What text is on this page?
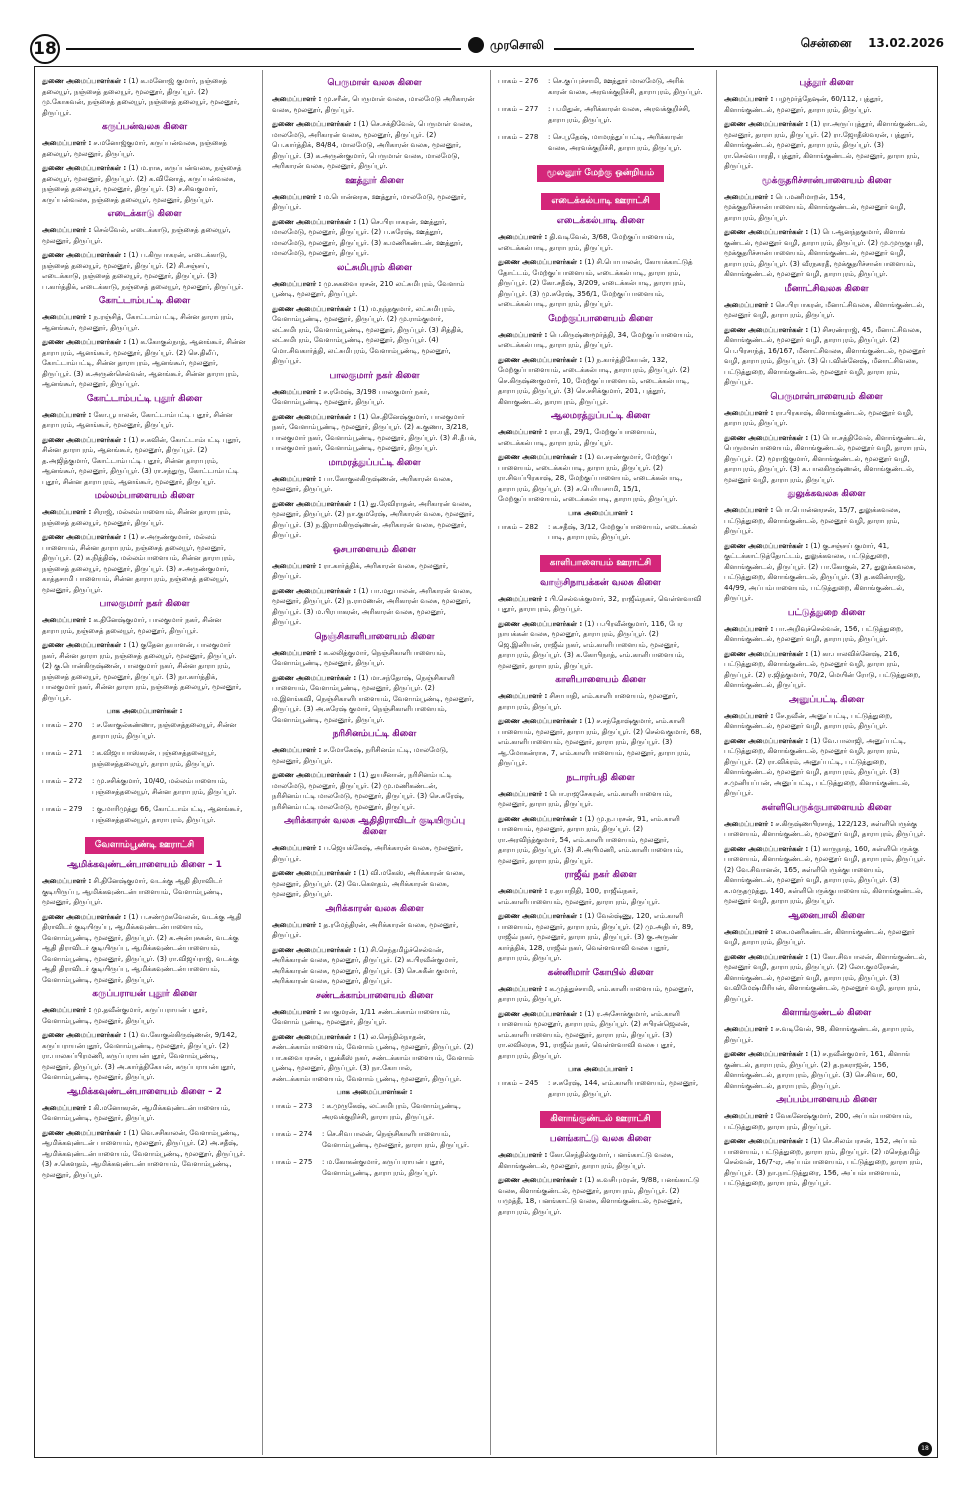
18	முரசொலி	சென்னை 13.02.2026
துணை அமைப்பாளர்கள் : (1) க.மனோஜ் குமார், நஞ்சைத் தலையூர், நஞ்சைத் தலையூர், மூலனூர், திருப்பூர். (2) மு.கோசுவன், நஞ்சைத் தலையூர், நஞ்சைத் தலையூர், மூலனூர், திருப்பூர்.
கருப்பன்வலசு கிளை
அமைப்பாளர் : ச.மனோஜ்குமார், கருப்பன்வலசு, நஞ்சைத் தலையூர், மூலனூர், திருப்பூர்.
துணை அமைப்பாளர்கள் : (1) ம.ராசு, கருப்பன்வலசு, நஞ்சைத் தலையூர், மூலனூர், திருப்பூர். (2) க.வினோத், கருப்பன்வலசு, நஞ்சைத் தலையூர், மூலனூர், திருப்பூர். (3) ச.சிவகுமார், கருப்பன்வலசு, நஞ்சைத் தலையூர், மூலனூர், திருப்பூர்.
எடைக்காடு கிளை
அமைப்பாளர் : செல்வேல், எடைக்காடு, நஞ்சைத் தலையூர், மூலனூர், திருப்பூர்.
துணை அமைப்பாளர்கள் : (1) ப.கிருபாகரன், எடைக்காடு, நஞ்சைத் தலையூர், மூலனூர், திருப்பூர். (2) சி.சஞ்சய், எடைக்காடு, நஞ்சைத் தலையூர், மூலனூர், திருப்பூர். (3) ப.கார்த்திக், எடைக்காடு, நஞ்சைத் தலையூர், மூலனூர், திருப்பூர்.
கோட்டாம்பட்டி கிளை
அமைப்பாளர் : ந.ரஞ்சித், கோட்டாம்பட்டி, சின்ன தாராபுரம், ஆனங்கூர், மூலனூர், திருப்பூர்.
துணை அமைப்பாளர்கள் : (1) க.கோகுல்நாத், ஆனங்கூர், சின்ன தாராபுரம், ஆனங்கூர், மூலனூர், திருப்பூர். (2) செ.திலீப், கோட்டாம்பட்டி, சின்ன தாராபுரம், ஆனங்கூர், மூலனூர், திருப்பூர். (3) க.அருண்செல்வன், ஆனங்கூர், சின்ன தாராபுரம், ஆனங்கூர், மூலனூர், திருப்பூர்.
கோட்டாம்பட்டி புதூர் கிளை
அமைப்பாளர் : கோ.பூபாலன், கோட்டாம்பட்டி புதூர், சின்ன தாராபுரம், ஆனங்கூர், மூலனூர், திருப்பூர்.
துணை அமைப்பாளர்கள் : (1) ச.கவின், கோட்டாம்பட்டி புதூர், சின்ன தாராபுரம், ஆனங்கூர், மூலனூர், திருப்பூர். (2) த.அஜித்குமார், கோட்டாம்பட்டி புதூர், சின்ன தாராபுரம், ஆனங்கூர், மூலனூர், திருப்பூர். (3) ரா.சந்துரு, கோட்டாம்பட்டி புதூர், சின்ன தாராபுரம், ஆனங்கூர், மூலனூர், திருப்பூர்.
மல்லம்பாளையம் கிளை
அமைப்பாளர் : சிராஜ், மல்லம்பாளையம், சின்ன தாராபுரம், நஞ்சைத் தலையூர், மூலனூர், திருப்பூர்.
துணை அமைப்பாளர்கள் : (1) ச.அருண்குமார், மல்லம் பாளையம், சின்ன தாராபுரம், நஞ்சைத் தலையூர், மூலனூர், திருப்பூர். (2) க.நித்திஷ், மல்லம்பாளையம், சின்ன தாராபுரம், நஞ்சைத் தலையூர், மூலனூர், திருப்பூர். (3) ச.அருண்குமார், காத்தசாமி பாளையம், சின்ன தாராபுரம், நஞ்சைத் தலையூர், மூலனூர், திருப்பூர்.
பாலகுமார் நகர் கிளை
அமைப்பாளர் : க.தினேஷ்குமார், பாலகுமார் நகர், சின்ன தாராபுரம், நஞ்சைத் தலையூர், மூலனூர், திருப்பூர்.
துணை அமைப்பாளர்கள் : (1) குதேன தயாளன், பாலகுமார் நகர், சின்ன தாராபுரம், நஞ்சைத் தலையூர், மூலனூர், திருப்பூர். (2) கு.பொன்கிருஷ்ணன், பாலகுமார் நகர், சின்ன தாராபுரம், நஞ்சைத் தலையூர், மூலனூர், திருப்பூர். (3) நா.கார்த்திக், பாலகுமார் நகர், சின்ன தாராபுரம், நஞ்சைத் தலையூர், மூலனூர், திருப்பூர்.
பாக அமைப்பாளர்கள் :
பாகம் – 270	: ச.கோகுல்கண்ணா, நஞ்சைத்தலையூர், சின்ன தாராபுரம், திருப்பூர்.
பாகம் – 271	: க.விஜயபாஸ்கரன், புஞ்சைத்தலையூர், நஞ்சைத்தலையூர், தாராபுரம், திருப்பூர்.
பாகம் – 272	: மு.சசிக்குமார், 10/40, மல்லம்பாளையம், புஞ்சைத்தலையூர், சின்ன தாராபுரம், திருப்பூர்.
பாகம் – 279	: கு.மாரிமுத்து 66, கோட்டாம்பட்டி, ஆனங்கூர், புஞ்சைத்தலையூர், தாராபுரம், திருப்பூர்.
வேளாம்பூண்டி ஊராட்சி
ஆமிக்கவுண்டன்பாளையம் கிளை – 1
அமைப்பாளர் : சி.தினேஷ்குமார், வடக்கு ஆதி திராவிடர் குடியிருப்பு, ஆமிக்கவுண்டன்பாளையம், வேளாம்பூண்டி, மூலனூர், திருப்பூர்.
துணை அமைப்பாளர்கள் : (1) ப.சண்முகவேலன், வடக்கு ஆதி திராவிடர் குடியிருப்பு, ஆமிக்கவுண்டன்பாளையம், வேளாம்பூண்டி, மூலனூர், திருப்பூர். (2) க.அன்புசுகன், வடக்கு ஆதி திராவிடர் குடியிருப்பு, ஆமிக்கவுண்டன்பாளையம், வேளாம்பூண்டி, மூலனூர், திருப்பூர். (3) ரா.விஜய்ராஜ், வடக்கு ஆதி திராவிடர் குடியிருப்பு, ஆமிக்கவுண்டன்பாளையம், வேளாம்பூண்டி, மூலனூர், திருப்பூர்.
கருப்பராயன் புதூர் கிளை
அமைப்பாளர் : மு.தவீன்குமார், கருப்பராயன் புதூர், வேளாம்பூண்டி, மூலனூர், திருப்பூர்.
துணை அமைப்பாளர்கள் : (1) வ.கோகுல்கிருஷ்ணன், 9/142, கருப்பராயன்புதூர், வேளாம்பூண்டி, மூலனூர், திருப்பூர். (2) ரா.பாலசுப்பிரமணி, கருப்பராயன்புதூர், வேளாம்பூண்டி, மூலனூர், திருப்பூர். (3) அ.கார்த்திகேயன், கருப்பராயன்புதூர், வேளாம்பூண்டி, மூலனூர், திருப்பூர்.
ஆமிக்கவுண்டன்பாளையம் கிளை – 2
அமைப்பாளர் : கி.மனோகரன், ஆமிக்கவுண்டன்பாளையம், வேளாம்பூண்டி, மூலனூர், திருப்பூர்.
துணை அமைப்பாளர்கள் : (1) வெ.சசிகாலன், வேளாம்பூண்டி, ஆமிக்கவுண்டன் பாளையம், மூலனூர், திருப்பூர். (2) அ.சதீஷ், ஆமிக்கவுண்டன்பாளையம், வேளாம்பூண்டி, மூலனூர், திருப்பூர். (3) ச.கௌதம், ஆமிக்கவுண்டன்பாளையம், வேளாம்பூண்டி, மூலனூர், திருப்பூர்.
பெருமாள் வலசு கிளை
அமைப்பாளர் : மு.சரீன், பெருமாள் வலசு, மாலமேடு அரிகாரன் வலசு, மூலனூர், திருப்பூர்.
துணை அமைப்பாளர்கள் : (1) செ.சக்திவேல், பெருமாள் வலசு, மாலமேடு, அரிகாரன் வலசு, மூலனூர், திருப்பூர். (2) பெ.கார்த்திக், 84/84, மாலமேடு, அரிகாரன் வலசு, மூலனூர், திருப்பூர். (3) க.அருண்குமார், பெருமாள் வலசு, மாலமேடு, அரிகாரன் வலசு, மூலனூர், திருப்பூர்.
ஊத்தூர் கிளை
அமைப்பாளர் : ம.பொன்னரசு, ஊத்தூர், மாலமேடு, மூலனூர், திருப்பூர்.
துணை அமைப்பாளர்கள் : (1) செ.பிரபாகரன், ஊத்தூர், மாலமேடு, மூலனூர், திருப்பூர். (2) ப.சுரேஷ், ஊத்தூர், மாலமேடு, மூலனூர், திருப்பூர். (3) க.மணிகண்டன், ஊத்தூர், மாலமேடு, மூலனூர், திருப்பூர்.
லட்சுமிபுரம் கிளை
அமைப்பாளர் : மு.சுகவைபரசன், 210 லட்சுமிபுரம், வேளாம் பூண்டி, மூலனூர், திருப்பூர்.
துணை அமைப்பாளர்கள் : (1) ம.நந்தகுமார், லட்சுமிபுரம், வேளாம்பூண்டி, மூலனூர், திருப்பூர். (2) மு.ராம்குமார், லட்சுமிபுரம், வேளாம்பூண்டி, மூலனூர், திருப்பூர். (3) சித்திக், லட்சுமிபுரம், வேளாம்பூண்டி, மூலனூர், திருப்பூர். (4) மொ.சிவகார்த்தி, லட்சுமிபுரம், வேளாம்பூண்டி, மூலனூர், திருப்பூர்.
பாலகுமார் நகர் கிளை
அமைப்பாளர் : ச.ரமேஷ், 3/198 பாலகுமார் நகர், வேளாம்பூண்டி, மூலனூர், திருப்பூர்.
துணை அமைப்பாளர்கள் : (1) செ.தினேஷ்குமார், பாலகுமார் நகர், வேளாம்பூண்டி, மூலனூர், திருப்பூர். (2) க.குணா, 3/218, பாலகுமார் நகர், வேளாம்பூண்டி, மூலனூர், திருப்பூர். (3) சி.தீபக், பாலகுமார் நகர், வேளாம்பூண்டி, மூலனூர், திருப்பூர்.
மாமரத்துப்பட்டி கிளை
அமைப்பாளர் : பா.கோகுலகிருஷ்ணன், அரிகாரன் வலசு, மூலனூர், திருப்பூர்.
துணை அமைப்பாளர்கள் : (1) து.ரேவிராதன், அரிகாரன் வலசு, மூலனூர், திருப்பூர். (2) நா.குமரேஷ், அரிகாரன் வலசு, மூலனூர், திருப்பூர். (3) ந.இராமகிருஷ்ணன், அரிகாரன் வலசு, மூலனூர், திருப்பூர்.
ஒசபாளையம் கிளை
அமைப்பாளர் : ரா.கார்த்திக், அரிகாரன் வலசு, மூலனூர், திருப்பூர்.
துணை அமைப்பாளர்கள் : (1) பா.மதுபாலன், அரிகாரன் வலசு, மூலனூர், திருப்பூர். (2) ந.ராமணன், அரிகாரன் வலசு, மூலனூர், திருப்பூர். (3) ம.பிரபாகரன், அரிகாரன் வலசு, மூலனூர், திருப்பூர்.
நெஞ்சிகாளிபாளையம் கிளை
அமைப்பாளர் : க.லலித்குமார், நெஞ்சிகாளிபாளையம், வேளாம்பூண்டி, மூலனூர், திருப்பூர்.
துணை அமைப்பாளர்கள் : (1) மா.சந்தோஷ், நெஞ்சிகாளி பாளையம், வேளாம்பூண்டி, மூலனூர், திருப்பூர். (2) ம.இளங்கவி, நெஞ்சிகாளிபாளையம், வேளாம்பூண்டி, மூலனூர், திருப்பூர். (3) அ.சுரேஷ் குமார், நெஞ்சிகாளிபாளையம், வேளாம்பூண்டி, மூலனூர், திருப்பூர்.
நரிசினம்பட்டி கிளை
அமைப்பாளர் : ச.மோகேஷ், நரிசினம்பட்டி, மாலமேடு, மூலனூர், திருப்பூர்.
துணை அமைப்பாளர்கள் : (1) துயசீனான், நரிசினம்பட்டி மாலமேடு, மூலனூர், திருப்பூர். (2) மு.மணிகண்டன், நரிசினம்பட்டி மாலமேடு, மூலனூர், திருப்பூர். (3) செ.சுரேஷ், நரிசினம்பட்டி மாலமேடு, மூலனூர், திருப்பூர்.
அரிக்காரன் வலசு ஆதிதிராவிடர் குடியிருப்பு கிளை
அமைப்பாளர் : ப.ஜெயக்கேஷ், அரிக்காரன் வலசு, மூலனூர், திருப்பூர்.
துணை அமைப்பாளர்கள் : (1) வி.மகேஸ், அரிக்காரன் வலசு, மூலனூர், திருப்பூர். (2) வே.கௌதம், அரிக்காரன் வலசு, மூலனூர், திருப்பூர்.
அரிக்காரன் வலசு கிளை
அமைப்பாளர் : த.ரமேந்திரன், அரிக்காரன் வலசு, மூலனூர், திருப்பூர்.
துணை அமைப்பாளர்கள் : (1) சி.செந்தமிழ்ச்செல்வன், அரிக்காரன் வலசு, மூலனூர், திருப்பூர். (2) க.பிரவீன்குமார், அரிக்காரன் வலசு, மூலனூர், திருப்பூர். (3) செ.சுகீன் குமார், அரிக்காரன் வலசு, மூலனூர், திருப்பூர்.
சண்டக்காம்பாளையம் கிளை
அமைப்பாளர் : சுபகுமரன், 1/11 சண்டக்காம்பாளையம், வேளாம் பூண்டி, மூலனூர், திருப்பூர்.
துணை அமைப்பாளர்கள் : (1) ல.செந்தில்நாதன், சண்டக்காம்பாளையம், வேளாம் பூண்டி, மூலனூர், திருப்பூர். (2) பா.சுவைபரசன், புதுக்கீஸ் நகர், சண்டக்காம்பாளையம், வேளாம் பூண்டி, மூலனூர், திருப்பூர். (3) நா.கோபால், சண்டக்காம்பாளையம், வேளாம் பூண்டி, மூலனூர், திருப்பூர்.
பாக அமைப்பாளர்கள் :
பாகம் – 273	: க.முருகேஷ், லட்சுமிபுரம், வேளாம்பூண்டி, அரவக்குறிச்சி, தாராபுரம், திருப்பூர்.
பாகம் – 274	: செ.சிவபாலன், நெஞ்சிகாளிபாளையம், வேளாம்பூண்டி, மூலனூர், தாராபுரம், திருப்பூர்.
பாகம் – 275	: ம.கோகன்குமார், கருப்பராயன் புதூர், வேளாம்பூண்டி, தாராபுரம், திருப்பூர்.
பாகம் – 276	: செ.குப்புச்சாமி, ஊத்தூர் மாலமேடு, அரிக் காரன் வலசு, அரவக்குறிச்சி, தாராபுரம், திருப்பூர்.
பாகம் – 277	: ப.மிதுன், அரிக்காரன் வலசு, அரவக்குறிச்சி, தாராபுரம், திருப்பூர்.
பாகம் – 278	: செ.பூதேஷ், மாமரத்துப்பட்டி, அரிக்காரன் வலசு, அரவக்குறிச்சி, தாராபுரம், திருப்பூர்.
மூலனூர் மேற்கு ஒன்றியம்
எடைக்கல்பாடி ஊராட்சி
எடைக்கல்பாடி கிளை
அமைப்பாளர் : தி.வடிவேல், 3/68, மேற்குப்பாளையம், எடைக்கல்பாடி, தாராபுரம், திருப்பூர்.
துணை அமைப்பாளர்கள் : (1) சி.பொபாலன், கோயக்காட்டுத் தோட்டம், மேற்குப்பாளையம், எடைக்கல்பாடி, தாராபுரம், திருப்பூர். (2) கோ.சதீஷ், 3/209, எடைக்கல்பாடி, தாராபுரம், திருப்பூர். (3) மு.சுரேஷ், 356/1, மேற்குப்பாளையம், எடைக்கல்பாடி, தாராபுரம், திருப்பூர்.
மேற்குப்பாளையம் கிளை
அமைப்பாளர் : பெ.கிருஷ்ணமூர்த்தி, 34, மேற்குப்பாளையம், எடைக்கல்பாடி, தாராபுரம், திருப்பூர்.
துணை அமைப்பாளர்கள் : (1) ந.கார்த்திகேயன், 132, மேற்குப்பாளையம், எடைக்கல்பாடி, தாராபுரம், திருப்பூர். (2) செ.கிருஷ்ணகுமார், 10, மேற்குப்பாளையம், எடைக்கல்பாடி, தாராபுரம், திருப்பூர். (3) செ.சசிக்குமார், 201, புத்தூர், கிளாகுண்டல், தாராபுரம், திருப்பூர்.
ஆலமரத்துப்பட்டி கிளை
அமைப்பாளர் : ரா.யுதீ, 29/1, மேற்குப்பாளையம், எடைக்கல்பாடி, தாராபுரம், திருப்பூர்.
துணை அமைப்பாளர்கள் : (1) வ.சரண்குமார், மேற்குப் பாளையம், எடைக்கல்பாடி, தாராபுரம், திருப்பூர். (2) ரா.சிவப்பிரகாஷ், 28, மேற்குப்பாளையம், எடைக்கல்பாடி, தாராபுரம், திருப்பூர். (3) ச.பெரியசாமி, 15/1, மேற்குப்பாளையம், எடைக்கல்பாடி, தாராபுரம், திருப்பூர்.
பாக அமைப்பாளர் :
பாகம் – 282	: க.சதீஷ், 3/12, மேற்குப்பாளையம், எடைக்கல் பாடி, தாராபுரம், திருப்பூர்.
காளிபாளையம் ஊராட்சி
வாஞ்சிநாயக்கன் வலசு கிளை
அமைப்பாளர் : பி.செல்வக்குமார், 32, ராஜீவ்நகர், வெள்ளவாவி புதூர், தாராபுரம், திருப்பூர்.
துணை அமைப்பாளர்கள் : (1) ப.பிரவீன்குமார், 116, பேர நாயக்கன் வலசு, மூலனூர், தாராபுரம், திருப்பூர். (2) ஜெ.இனியன், ராஜீவ் நகர், எம்.காளிபாளையம், மூலனூர், தாராபுரம், திருப்பூர். (3) க.கோபிநாத், எம்.காளிபாளையம், மூலனூர், தாராபுரம், திருப்பூர்.
காளிபாளையம் கிளை
அமைப்பாளர் : சிசாபாதி, எம்.காளிபாளையம், மூலனூர், தாராபுரம், திருப்பூர்.
துணை அமைப்பாளர்கள் : (1) ச.சந்தோஷ்குமார், எம்.காளி பாளையம், மூலனூர், தாராபுரம், திருப்பூர். (2) செல்வகுமார், 68, எம்.காளிபாளையம், மூலனூர், தாராபுரம், திருப்பூர். (3) ஆ.மோகன்ராசு, 7, எம்.காளிபாளையம், மூலனூர், தாராபுரம், திருப்பூர்.
நடாரர்பதி கிளை
அமைப்பாளர் : பொ.ராஜசேகரன், எம்.காளிபாளையம், மூலனூர், தாராபுரம், திருப்பூர்.
துணை அமைப்பாளர்கள் : (1) மு.ந.பரசன், 91, எம்.காளி பாளையம், மூலனூர், தாராபுரம், திருப்பூர். (2) ரா.அரவிந்த்குமார், 54, எம்.காளிபாளையம், மூலனூர், தாராபுரம், திருப்பூர். (3) சி.அபிமணி, எம்.காளிபாளையம், மூலனூர், தாராபுரம், திருப்பூர்.
ராஜீவ் நகர் கிளை
அமைப்பாளர் : ர.தயாநிதி, 100, ராஜீவ்நகர், எம்.காளிபாளையம், மூலனூர், தாராபுரம், திருப்பூர்.
துணை அமைப்பாளர்கள் : (1) வேல்ஷ்ணு, 120, எம்.காளி பாளையம், மூலனூர், தாராபுரம், திருப்பூர். (2) மு.அதிபர், 89, ராஜீவ் நகர், மூலனூர், தாராபுரம், திருப்பூர். (3) கு.அருண் கார்த்திக், 128, ராஜீவ் நகர், வெள்ளவாவி வலசு புதூர், தாராபுரம், திருப்பூர்.
கன்னிமார் கோயில் கிளை
அமைப்பாளர் : க.முத்துச்சாமி, எம்.காளிபாளையம், மூலனூர், தாராபுரம், திருப்பூர்.
துணை அமைப்பாளர்கள் : (1) ர.அசோக்குமார், எம்.காளி பாளையம் மூலனூர், தாராபுரம், திருப்பூர். (2) சபிரன்ஜெலன், எம்.காளிபாளையம், மூலனூர், தாராபுரம், திருப்பூர். (3) ரா.லவிலரசு, 91, ராஜீவ் நகர், வெள்ளவாவி வலசு புதூர், தாராபுரம், திருப்பூர்.
பாக அமைப்பாளர் :
பாகம் – 245	: ச.சுரேஷ், 144, எம்.காளிபாளையம், மூலனூர், தாராபுரம், திருப்பூர்.
கிளாங்குண்டல் ஊராட்சி
பனங்காட்டு வலசு கிளை
அமைப்பாளர் : கோ.செந்தில்குமார், பனங்காட்டு வலசு, கிளாங்குண்டல், மூலனூர், தாராபுரம், திருப்பூர்.
துணை அமைப்பாளர்கள் : (1) க.வசிபுமரன், 9/88, பனங்காட்டு வலசு, கிளாங்குண்டல், மூலனூர், தாராபுரம், திருப்பூர். (2) யமுத்தீ, 18, பனங்காட்டு வலசு, கிளாங்குண்டல், மூலனூர், தாராபுரம், திருப்பூர்.
புத்தூர் கிளை
அமைப்பாளர் : பழமூர்த்தேஷன், 60/112, புத்தூர், கிளாங்குண்டல், மூலனூர், தாராபுரம், திருப்பூர்.
துணை அமைப்பாளர்கள் : (1) ரா.அருப்புத்தூர், கிளாங்குண்டல், மூலனூர், தாராபுரம், திருப்பூர். (2) ரா.ஜோதீஸ்வரன், புத்தூர், கிளாங்குண்டல், மூலனூர், தாராபுரம், திருப்பூர். (3) ரா.செல்வபாரதி, புத்தூர், கிளாங்குண்டல், மூலனூர், தாராபுரம், திருப்பூர்.
மூக்குதரிச்சான்பாளையம் கிளை
அமைப்பாளர் : பெ.மணிமாறன், 154, மூக்குதரிச்சான்பாளையம், கிளாங்குண்டல், மூலனூர் வழி, தாராபுரம், திருப்பூர்.
துணை அமைப்பாளர்கள் : (1) பெ.ஆனந்தகுமார், கிளாங் குண்டல், மூலனூர் வழி, தாராபுரம், திருப்பூர். (2) மு.முருகுபதி, மூக்குதரிச்சான்பாளையம், கிளாங்குண்டல், மூலனூர் வழி, தாராபுரம், திருப்பூர். (3) வீரநகரதீ, மூக்குதரிச்சான்பாளையம், கிளாங்குண்டல், மூலனூர் வழி, தாராபுரம், திருப்பூர்.
மீனாட்சிவலசு கிளை
அமைப்பாளர் : செ.பிரபாகரன், மீனாட்சிவலசு, கிளாங்குண்டல், மூலனூர் வழி, தாராபுரம், திருப்பூர்.
துணை அமைப்பாளர்கள் : (1) சிசரண்ராஜ், 45, மீனாட்சிவலசு, கிளாங்குண்டல், மூலனூர் வழி, தாராபுரம், திருப்பூர். (2) பெ.பிரசாந்த், 16/167, மீனாட்சிவலசு, கிளாங்குண்டல், மூலனூர் வழி, தாராபுரம், திருப்பூர். (3) பெ.வின்னேஷ், மீனாட்சிவலசு, பட்டுத்துறை, கிளாங்குண்டல், மூலனூர் வழி, தாராபுரம், திருப்பூர்.
பெருமாள்பாளையம் கிளை
அமைப்பாளர் : ரா.பிரகாஷ், கிளாங்குண்டல், மூலனூர் வழி, தாராபுரம், திருப்பூர்.
துணை அமைப்பாளர்கள் : (1) பொ.சத்திவேல், கிளாங்குண்டல், பெருமாள்பாளையம், கிளாங்குண்டல், மூலனூர் வழி, தாராபுரம், திருப்பூர். (2) மூராஜ்குமார், கிளாங்குண்டல், மூலனூர் வழி, தாராபுரம், திருப்பூர். (3) க.பாலகிருஷ்ணன், கிளாங்குண்டல், மூலனூர் வழி, தாராபுரம், திருப்பூர்.
துலுக்கவலசு கிளை
அமைப்பாளர் : பொ.பொன்னரசன், 15/7, துலுக்கவலசு, பட்டுத்துறை, கிளாங்குண்டல், மூலனூர் வழி, தாராபுரம், திருப்பூர்.
துணை அமைப்பாளர்கள் : (1) கு.சஞ்சய் குமார், 41, குட்டக்காட்டுத்தோட்டம், துலுக்கவலசு, பட்டுத்துறை, கிளாங்குண்டல், திருப்பூர். (2) பா.கோகுல், 27, துலுக்கவலசு, பட்டுத்துறை, கிளாங்குண்டல், திருப்பூர். (3) த.கவின்ராஜ், 44/99, அப்பம்பாளையம், பட்டுத்துறை, கிளாங்குண்டல், திருப்பூர்.
பட்டுத்துறை கிளை
அமைப்பாளர் : பா.அறிவுச்செல்வன், 156, பட்டுத்துறை, கிளாங்குண்டல், மூலனூர் வழி, தாராபுரம், திருப்பூர்.
துணை அமைப்பாளர்கள் : (1) கா.பாலவிக்னேஷ், 216, பட்டுத்துறை, கிளாங்குண்டல், மூலனூர் வழி, தாராபுரம், திருப்பூர். (2) ர.ஜித்குமார், 70/2, மெயின் ரோடு, பட்டுத்துறை, கிளாங்குண்டல், திருப்பூர்.
அனுப்பட்டி கிளை
அமைப்பாளர் : சே.நவீன், அனுப்பட்டி, பட்டுத்துறை, கிளாங்குண்டல், மூலனூர் வழி, தாராபுரம், திருப்பூர்.
துணை அமைப்பாளர்கள் : (1) வே.பாலாஜி, அனுப்பட்டி, பட்டுத்துறை, கிளாங்குண்டல், மூலனூர் வழி, தாராபுரம், திருப்பூர். (2) ரா.விக்ரம், அனுப்பட்டி, பட்டுத்துறை, கிளாங்குண்டல், மூலனூர் வழி, தாராபுரம், திருப்பூர். (3) ச.முனியப்பன், அனுப்பட்டி, பட்டுத்துறை, கிளாங்குண்டல், திருப்பூர்.
சுள்ளிபெருக்குபாளையம் கிளை
அமைப்பாளர் : ச.கிருஷ்ணபிரசாத், 122/123, சுள்ளிபெருக்கு பாளையம், கிளாங்குண்டல், மூலனூர் வழி, தாராபுரம், திருப்பூர்.
துணை அமைப்பாளர்கள் : (1) காருநாத், 160, சுள்ளிபெருக்கு பாளையம், கிளாங்குண்டல், மூலனூர் வழி, தாராபுரம், திருப்பூர். (2) வே.சிவானன், 165, சுள்ளிபெருக்குபாளையம், கிளாங்குண்டல், மூலனூர் வழி, தாராபுரம், திருப்பூர். (3) க.மருதமுத்து, 140, சுள்ளிபெருக்குபாளையம், கிளாங்குண்டல், மூலனூர் வழி, தாராபுரம், திருப்பூர்.
ஆனைபாலி கிளை
அமைப்பாளர் : கை.மணிகண்டன், கிளாங்குண்டல், மூலனூர் வழி, தாராபுரம், திருப்பூர்.
துணை அமைப்பாளர்கள் : (1) கோ.சிவபாலன், கிளாங்குண்டல், மூலனூர் வழி, தாராபுரம், திருப்பூர். (2) லோ.குமரேசன், கிளாங்குண்டல், மூலனூர் வழி, தாராபுரம், திருப்பூர். (3) வ.விமேஷ்மிரியன், கிளாங்குண்டல், மூலனூர் வழி, தாராபுரம், திருப்பூர்.
கிளாங்குண்டல் கிளை
அமைப்பாளர் : ச.வடிவேல், 98, கிளாங்குண்டல், தாராபுரம், திருப்பூர்.
துணை அமைப்பாளர்கள் : (1) ச.நவீன்குமார், 161, கிளாங் குண்டல், தாராபுரம், திருப்பூர். (2) த.நகராஜன், 156, கிளாங்குண்டல், தாராபுரம், திருப்பூர். (3) செ.சிவா, 60, கிளாங்குண்டல், தாராபுரம், திருப்பூர்.
அப்பம்பாளையம் கிளை
அமைப்பாளர் : வேகனேஷ்குமார், 200, அப்பம்பாளையம், பட்டுத்துறை, தாராபுரம், திருப்பூர்.
துணை அமைப்பாளர்கள் : (1) செ.சிலம்பரசன், 152, அப்பம் பாளையம், பட்டுத்துறை, தாராபுரம், திருப்பூர். (2) மசெந்தமிழ் செல்வன், 16/7-ஏ, அப்பம்பாளையம், பட்டுத்துறை, தாராபுரம், திருப்பூர். (3) நா.நாட்டுத்துரை, 156, அப்பம்பாளையம், பட்டுத்துறை, தாராபுரம், திருப்பூர்.
18
